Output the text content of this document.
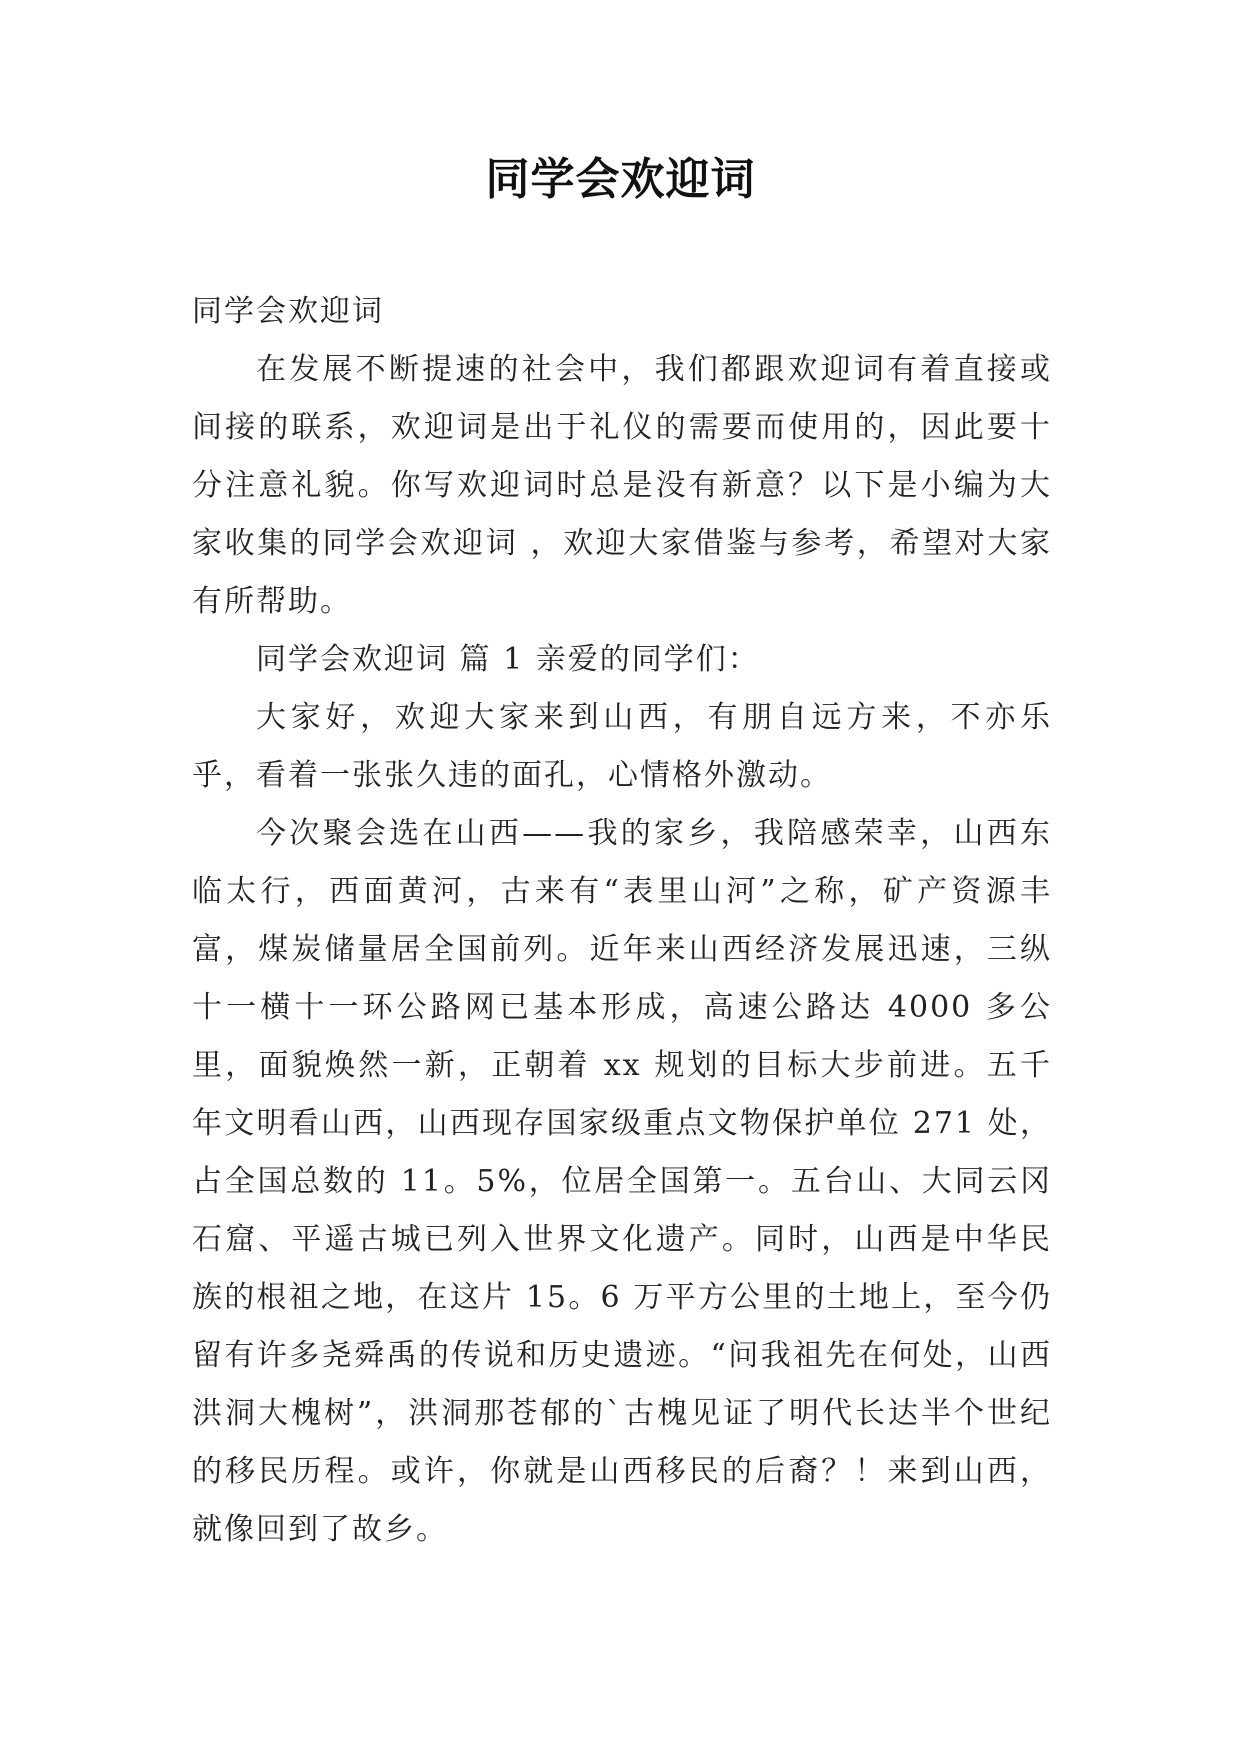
同学会欢迎词

同学会欢迎词

在发展不断提速的社会中，我们都跟欢迎词有着直接或间接的联系，欢迎词是出于礼仪的需要而使用的，因此要十分注意礼貌。你写欢迎词时总是没有新意？以下是小编为大家收集的同学会欢迎词 ，欢迎大家借鉴与参考，希望对大家有所帮助。

同学会欢迎词 篇 1 亲爱的同学们：

大家好，欢迎大家来到山西，有朋自远方来，不亦乐乎，看着一张张久违的面孔，心情格外激动。

今次聚会选在山西——我的家乡，我陪感荣幸，山西东临太行，西面黄河，古来有“表里山河”之称，矿产资源丰富，煤炭储量居全国前列。近年来山西经济发展迅速，三纵十一横十一环公路网已基本形成，高速公路达 4000 多公里，面貌焕然一新，正朝着 xx 规划的目标大步前进。五千年文明看山西，山西现存国家级重点文物保护单位 271 处，占全国总数的 11。5%，位居全国第一。五台山、大同云冈石窟、平遥古城已列入世界文化遗产。同时，山西是中华民族的根祖之地，在这片 15。6 万平方公里的土地上，至今仍留有许多尧舜禹的传说和历史遗迹。“问我祖先在何处，山西洪洞大槐树”，洪洞那苍郁的`古槐见证了明代长达半个世纪的移民历程。或许，你就是山西移民的后裔？！来到山西，就像回到了故乡。
